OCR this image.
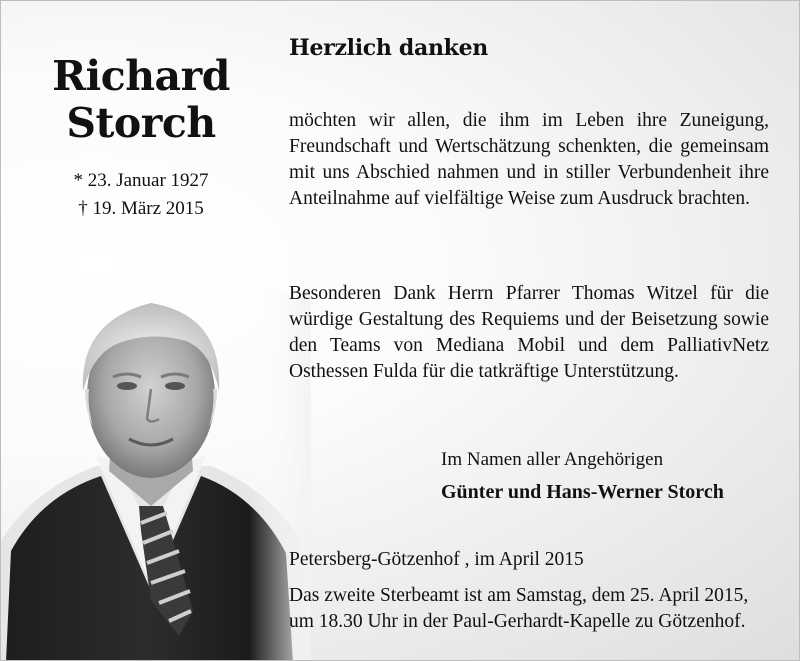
Richard
Storch
* 23. Januar 1927
† 19. März 2015
Herzlich danken

möchten wir allen, die ihm im Leben ihre Zuneigung, Freundschaft und Wertschätzung schenkten, die gemeinsam mit uns Abschied nahmen und in stiller Verbundenheit ihre Anteilnahme auf vielfältige Weise zum Ausdruck brachten.

Besonderen Dank Herrn Pfarrer Thomas Witzel für die würdige Gestaltung des Requiems und der Beisetzung sowie den Teams von Mediana Mobil und dem PalliativNetz Osthessen Fulda für die tatkräftige Unterstützung.

Im Namen aller Angehörigen
Günter und Hans-Werner Storch
Petersberg-Götzenhof , im April 2015
Das zweite Sterbeamt ist am Samstag, dem 25. April 2015,
um 18.30 Uhr in der Paul-Gerhardt-Kapelle zu Götzenhof.
